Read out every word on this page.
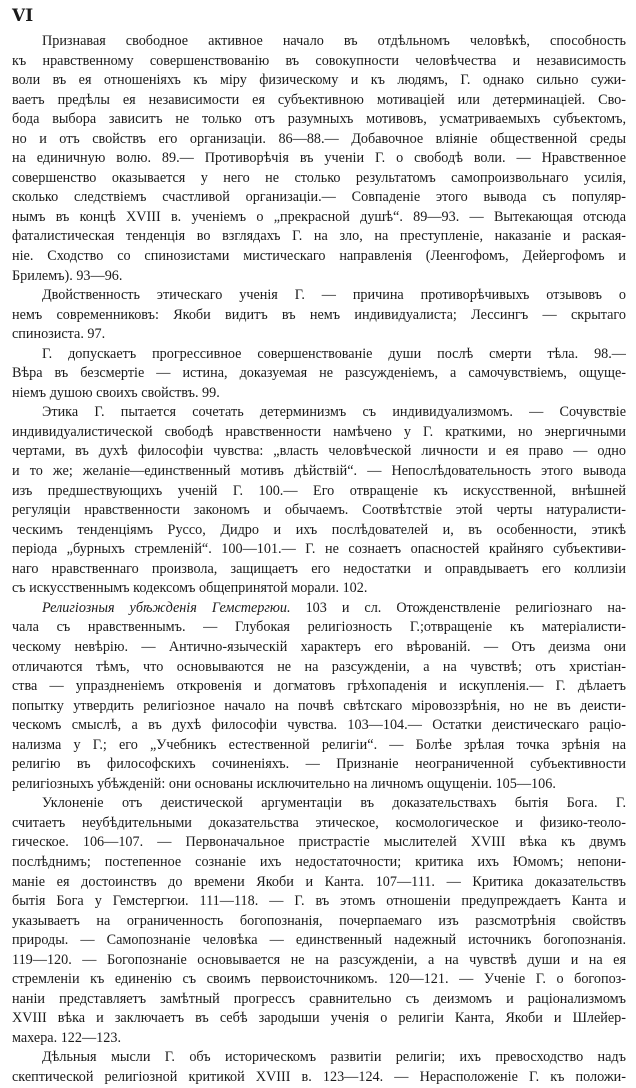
VI
Признавая свободное активное начало въ отдѣльномъ человѣкѣ, способность
къ нравственному совершенствованію въ совокупности человѣчества и независимость
воли въ ея отношеніяхъ къ міру физическому и къ людямъ, Г. однако сильно сужи-
ваетъ предѣлы ея независимости ея субъективною мотиваціей или детерминаціей. Сво-
бода выбора зависитъ не только отъ разумныхъ мотивовъ, усматриваемыхъ субъектомъ,
но и отъ свойствъ его организаціи. 86—88.— Добавочное вліяніе общественной среды
на единичную волю. 89.— Противорѣчія въ ученіи Г. о свободѣ воли. — Нравственное
совершенство оказывается у него не столько результатомъ самопроизвольнаго усилія,
сколько следствіемъ счастливой организаціи.— Совпаденіе этого вывода съ популяр-
нымъ въ концѣ XVIII в. ученіемъ о „прекрасной душѣ“. 89—93. — Вытекающая отсюда
фаталистическая тенденція во взглядахъ Г. на зло, на преступленіе, наказаніе и раская-
ніе. Сходство со спинозистами мистическаго направленія (Леенгофомъ, Дейергофомъ и
Брилемъ). 93—96.
Двойственность этическаго ученія Г. — причина противорѣчивыхъ отзывовъ о
немъ современниковъ: Якоби видитъ въ немъ индивидуалиста; Лессингъ — скрытаго
спинозиста. 97.
Г. допускаетъ прогрессивное совершенствованіе души послѣ смерти тѣла. 98.—
Вѣра въ безсмертіе — истина, доказуемая не разсужденіемъ, а самочувствіемъ, ощуще-
ніемъ душою своихъ свойствъ. 99.
Этика Г. пытается сочетать детерминизмъ съ индивидуализмомъ. — Сочувствіе
индивидуалистической свободѣ нравственности намѣчено у Г. краткими, но энергичными
чертами, въ духѣ философіи чувства: „власть человѣческой личности и ея право — одно
и то же; желаніе—единственный мотивъ дѣйствій“. — Непослѣдовательность этого вывода
изъ предшествующихъ ученій Г. 100.— Его отвращеніе къ искусственной, внѣшней
регуляціи нравственности закономъ и обычаемъ. Соотвѣтствіе этой черты натуралисти-
ческимъ тенденціямъ Руссо, Дидро и ихъ послѣдователей и, въ особенности, этикѣ
періода „бурныхъ стремленій“. 100—101.— Г. не сознаетъ опасностей крайняго субъективи-
наго нравственнаго произвола, защищаетъ его недостатки и оправдываетъ его коллизіи
съ искусственнымъ кодексомъ общепринятой морали. 102.
Религіозныя убѣжденія Гемстергюи. 103 и сл. Отожденствленіе религіознаго на-
чала съ нравственнымъ. — Глубокая религіозность Г.;отвращеніе къ матеріалисти-
ческому невѣрію. — Антично-языческій характеръ его вѣрованій. — Отъ деизма они
отличаются тѣмъ, что основываются не на разсужденіи, а на чувствѣ; отъ христіан-
ства — упраздненіемъ откровенія и догматовъ грѣхопаденія и искупленія.— Г. дѣлаетъ
попытку утвердить религіозное начало на почвѣ свѣтскаго міровоззрѣнія, но не въ деисти-
ческомъ смыслѣ, а въ духѣ философіи чувства. 103—104.— Остатки деистическаго раціо-
нализма у Г.; его „Учебникъ естественной религіи“. — Болѣе зрѣлая точка зрѣнія на
религію въ философскихъ сочиненіяхъ. — Признаніе неограниченной субъективности
религіозныхъ убѣжденій: они основаны исключительно на личномъ ощущеніи. 105—106.
Уклоненіе отъ деистической аргументаціи въ доказательствахъ бытія Бога. Г.
считаетъ неубѣдительными доказательства этическое, космологическое и физико-теоло-
гическое. 106—107. — Первоначальное пристрастіе мыслителей XVIII вѣка къ двумъ
послѣднимъ; постепенное сознаніе ихъ недостаточности; критика ихъ Юмомъ; непони-
маніе ея достоинствъ до времени Якоби и Канта. 107—111. — Критика доказательствъ
бытія Бога у Гемстергюи. 111—118. — Г. въ этомъ отношеніи предупреждаетъ Канта и
указываетъ на ограниченность богопознанія, почерпаемаго изъ разсмотрѣнія свойствъ
природы. — Самопознаніе человѣка — единственный надежный источникъ богопознанія.
119—120. — Богопознаніе основывается не на разсужденіи, а на чувствѣ души и на ея
стремленіи къ единенію съ своимъ первоисточникомъ. 120—121. — Ученіе Г. о богопоз-
наніи представляетъ замѣтный прогрессъ сравнительно съ деизмомъ и раціонализмомъ
XVIII вѣка и заключаетъ въ себѣ зародыши ученія о религіи Канта, Якоби и Шлейер-
махера. 122—123.
Дѣльныя мысли Г. объ историческомъ развитіи религіи; ихъ превосходство надъ
скептической религіозной критикой XVIII в. 123—124. — Нерасположеніе Г. къ положи-
